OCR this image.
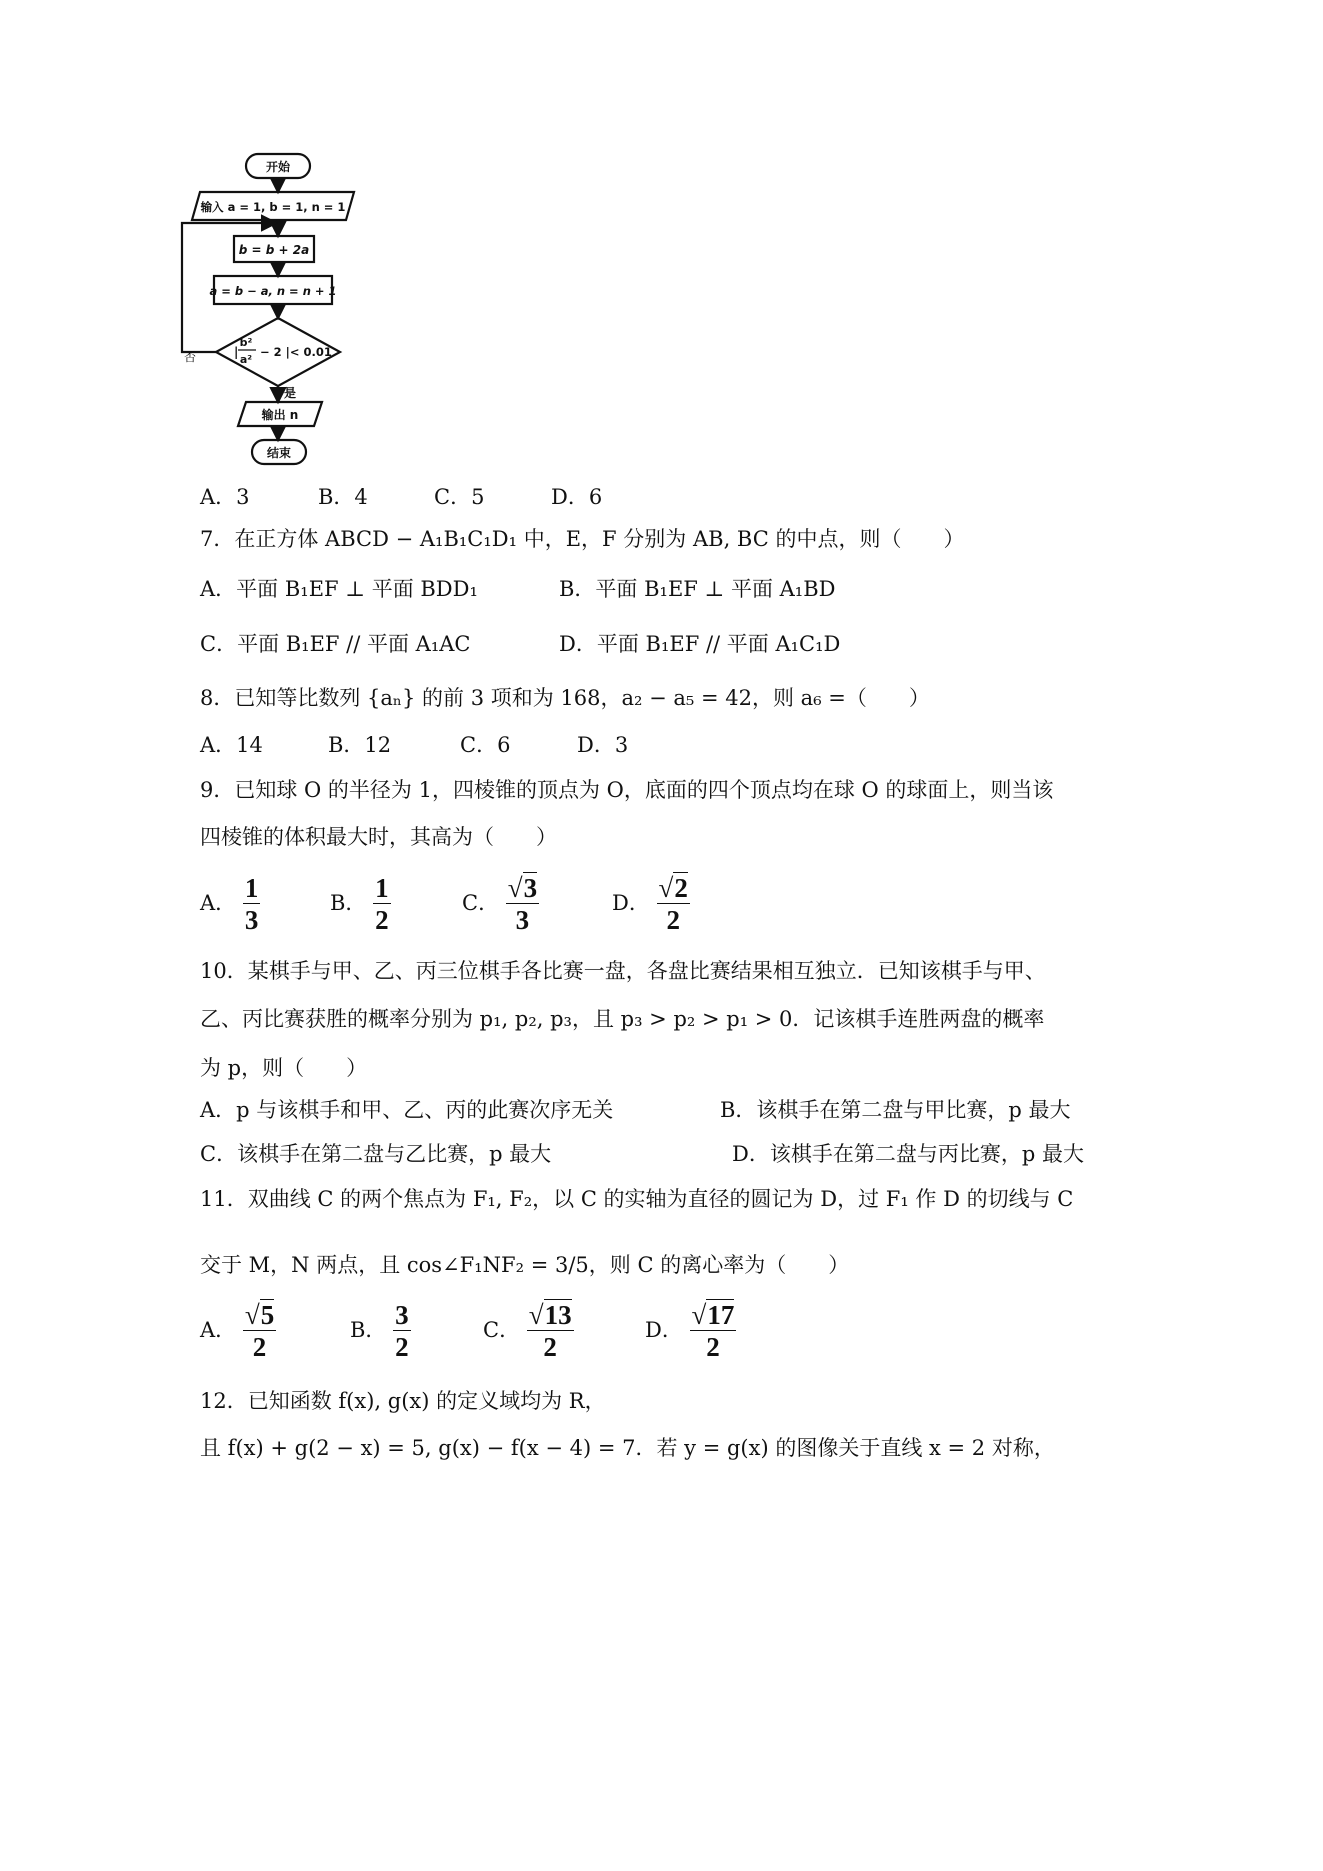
开始
输入 a = 1, b = 1, n = 1
b = b + 2a
a = b − a, n = n + 1
b²
a²
| − 2 |< 0.01
否
是
输出 n
结束
A．3	B．4	C．5	D．6
7．在正方体 ABCD − A₁B₁C₁D₁ 中，E，F 分别为 AB, BC 的中点，则（　　）
A．平面 B₁EF ⊥ 平面 BDD₁	B．平面 B₁EF ⊥ 平面 A₁BD
C．平面 B₁EF // 平面 A₁AC	D．平面 B₁EF // 平面 A₁C₁D
8．已知等比数列 {aₙ} 的前 3 项和为 168，a₂ − a₅ = 42，则 a₆ =（　　）
A．14	B．12	C．6	D．3
9．已知球 O 的半径为 1，四棱锥的顶点为 O，底面的四个顶点均在球 O 的球面上，则当该
四棱锥的体积最大时，其高为（　　）
A． $\frac{1}{3}$	B． $\frac{1}{2}$	C． $\frac{√3}{3}$	D． $\frac{√2}{2}$
10．某棋手与甲、乙、丙三位棋手各比赛一盘，各盘比赛结果相互独立．已知该棋手与甲、
乙、丙比赛获胜的概率分别为 p₁, p₂, p₃，且 p₃ > p₂ > p₁ > 0．记该棋手连胜两盘的概率
为 p，则（　　）
A．p 与该棋手和甲、乙、丙的此赛次序无关	B．该棋手在第二盘与甲比赛，p 最大
C．该棋手在第二盘与乙比赛，p 最大	D．该棋手在第二盘与丙比赛，p 最大
11．双曲线 C 的两个焦点为 F₁, F₂，以 C 的实轴为直径的圆记为 D，过 F₁ 作 D 的切线与 C
交于 M，N 两点，且 cos∠F₁NF₂ = 3/5，则 C 的离心率为（　　）
A． $\frac{√5}{2}$	B． $\frac{3}{2}$	C． $\frac{√13}{2}$	D． $\frac{√17}{2}$
12．已知函数 f(x), g(x) 的定义域均为 R，
且 f(x) + g(2 − x) = 5, g(x) − f(x − 4) = 7．若 y = g(x) 的图像关于直线 x = 2 对称，
